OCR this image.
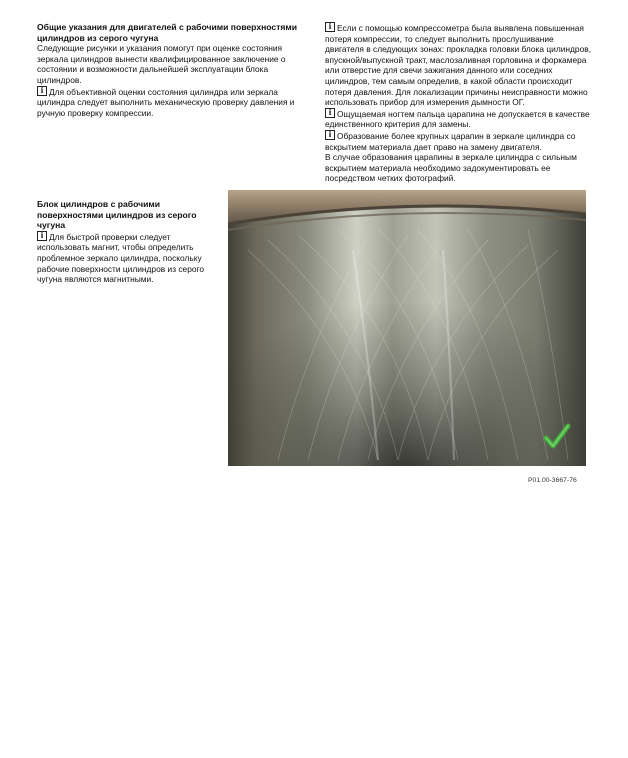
Общие указания для двигателей с рабочими поверхностями
цилиндров из серого чугуна

Следующие рисунки и указания помогут при оценке состояния зеркала цилиндров вынести квалифицированное заключение о состоянии и возможности дальнейшей эксплуатации блока цилиндров.

i Для объективной оценки состояния цилиндра или зеркала цилиндра следует выполнить механическую проверку давления и ручную проверку компрессии.

i Если с помощью компрессометра была выявлена повышенная потеря компрессии, то следует выполнить прослушивание двигателя в следующих зонах: прокладка головки блока цилиндров, впускной/выпускной тракт, маслозаливная горловина и форкамера или отверстие для свечи зажигания данного или соседних цилиндров, тем самым определив, в какой области происходит потеря давления. Для локализации причины неисправности можно использовать прибор для измерения дымности ОГ.

i Ощущаемая ногтем пальца царапина не допускается в качестве единственного критерия для замены.

i Образование более крупных царапин в зеркале цилиндра со вскрытием материала дает право на замену двигателя.

В случае образования царапины в зеркале цилиндра с сильным вскрытием материала необходимо задокументировать ее посредством четких фотографий.

Блок цилиндров с рабочими
поверхностями цилиндров из серого
чугуна

i Для быстрой проверки следует использовать магнит, чтобы определить проблемное зеркало цилиндра, поскольку рабочие поверхности цилиндров из серого чугуна являются магнитными.

P01.00-3667-76
